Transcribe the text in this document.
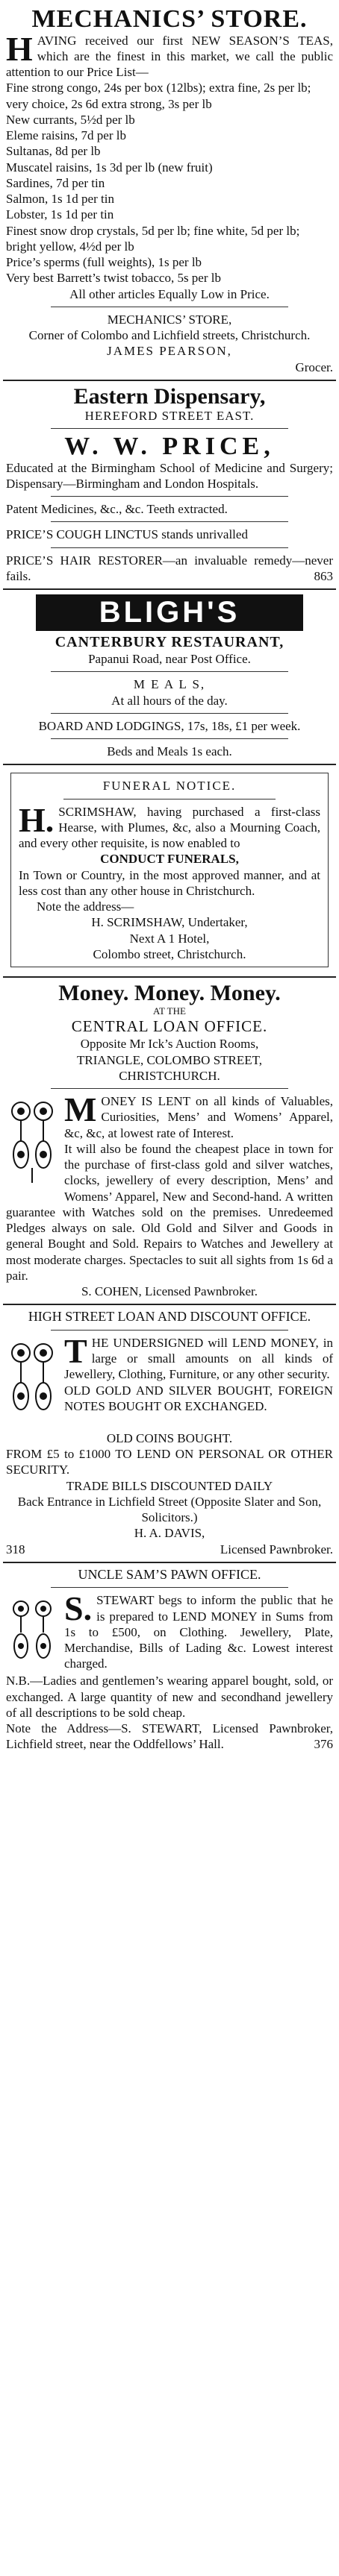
MECHANICS’ STORE.
H AVING received our first NEW SEASON’S TEAS, which are the finest in this market, we call the public attention to our Price List—
Fine strong congo, 24s per box (12lbs); extra fine, 2s per lb; very choice, 2s 6d extra strong, 3s per lb
New currants, 5½d per lb
Eleme raisins, 7d per lb
Sultanas, 8d per lb
Muscatel raisins, 1s 3d per lb (new fruit)
Sardines, 7d per tin
Salmon, 1s 1d per tin
Lobster, 1s 1d per tin
Finest snow drop crystals, 5d per lb; fine white, 5d per lb; bright yellow, 4½d per lb
Price’s sperms (full weights), 1s per lb
Very best Barrett’s twist tobacco, 5s per lb
All other articles Equally Low in Price.
MECHANICS’ STORE,
Corner of Colombo and Lichfield streets, Christchurch.
JAMES PEARSON,
Grocer.
Eastern Dispensary,
HEREFORD STREET EAST.
W. W. PRICE,
Educated at the Birmingham School of Medicine and Surgery; Dispensary—Birmingham and London Hospitals.
Patent Medicines, &c., &c. Teeth extracted.
PRICE’S COUGH LINCTUS stands unrivalled
PRICE’S HAIR RESTORER—an invaluable remedy—never fails.	863
BLIGH'S
CANTERBURY RESTAURANT,
Papanui Road, near Post Office.
M E A L S,
At all hours of the day.
BOARD AND LODGINGS, 17s, 18s, £1 per week.
Beds and Meals 1s each.
FUNERAL NOTICE.
H. SCRIMSHAW, having purchased a first-class Hearse, with Plumes, &c, also a Mourning Coach, and every other requisite, is now enabled to
CONDUCT FUNERALS,
In Town or Country, in the most approved manner, and at less cost than any other house in Christchurch.
Note the address—
H. SCRIMSHAW, Undertaker,
Next A 1 Hotel,
Colombo street, Christchurch.
Money. Money. Money.
AT THE
CENTRAL LOAN OFFICE.
Opposite Mr Ick’s Auction Rooms,
TRIANGLE, COLOMBO STREET,
CHRISTCHURCH.
M ONEY IS LENT on all kinds of Valuables, Curiosities, Mens’ and Womens’ Apparel, &c, &c, at lowest rate of Interest.
It will also be found the cheapest place in town for the purchase of first-class gold and silver watches, clocks, jewellery of every description, Mens’ and Womens’ Apparel, New and Second-hand. A written guarantee with Watches sold on the premises. Unredeemed Pledges always on sale. Old Gold and Silver and Goods in general Bought and Sold. Repairs to Watches and Jewellery at most moderate charges. Spectacles to suit all sights from 1s 6d a pair.
S. COHEN, Licensed Pawnbroker.
HIGH STREET LOAN AND DISCOUNT OFFICE.
T HE UNDERSIGNED will LEND MONEY, in large or small amounts on all kinds of Jewellery, Clothing, Furniture, or any other security.
OLD GOLD AND SILVER BOUGHT, FOREIGN NOTES BOUGHT OR EXCHANGED.
OLD COINS BOUGHT.
FROM £5 to £1000 TO LEND ON PERSONAL OR OTHER SECURITY.
TRADE BILLS DISCOUNTED DAILY
Back Entrance in Lichfield Street (Opposite Slater and Son, Solicitors.)
H. A. DAVIS,
318	Licensed Pawnbroker.
UNCLE SAM’S PAWN OFFICE.
S. STEWART begs to inform the public that he is prepared to LEND MONEY in Sums from 1s to £500, on Clothing. Jewellery, Plate, Merchandise, Bills of Lading &c. Lowest interest charged.
N.B.—Ladies and gentlemen’s wearing apparel bought, sold, or exchanged. A large quantity of new and secondhand jewellery of all descriptions to be sold cheap.
Note the Address—S. STEWART, Licensed Pawnbroker, Lichfield street, near the Oddfellows’ Hall.	376
